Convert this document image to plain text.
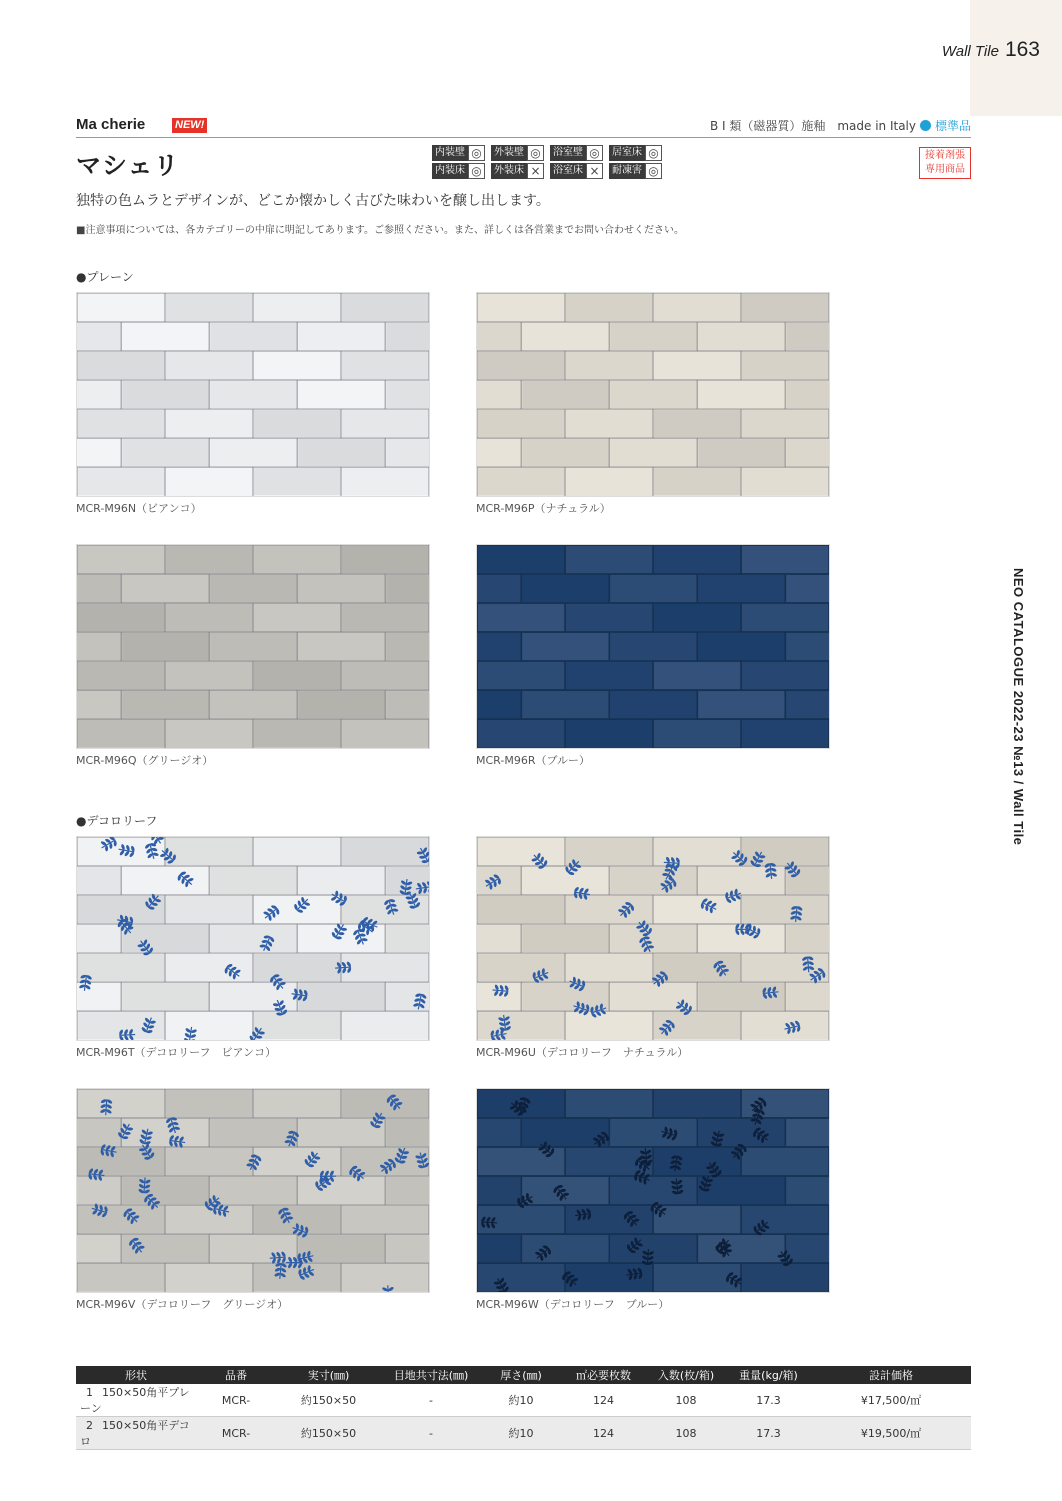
Wall Tile 163
NEO CATALOGUE 2022-23 №13 / Wall Tile
Ma cherie	NEW!	B I 類（磁器質）施釉　made in Italy 標準品
マシェリ	内装壁 ◎	外装壁 ◎	浴室壁 ◎	居室床 ◎
内装床 ◎	外装床 ×	浴室床 ×	耐凍害 ◎
接着剤張
専用商品
独特の色ムラとデザインが、どこか懐かしく古びた味わいを醸し出します。
■注意事項については、各カテゴリーの中扉に明記してあります。ご参照ください。また、詳しくは各営業までお問い合わせください。
●プレーン
●デコロリーフ
MCR-M96N（ビアンコ）	MCR-M96P（ナチュラル）
MCR-M96Q（グリージオ）	MCR-M96R（ブルー）
MCR-M96T（デコロリーフ　ビアンコ）	MCR-M96U（デコロリーフ　ナチュラル）
MCR-M96V（デコロリーフ　グリージオ）	MCR-M96W（デコロリーフ　ブルー）
形状	品番	実寸(㎜)	目地共寸法(㎜)	厚さ(㎜)	㎡必要枚数	入数(枚/箱)	重量(kg/箱)	設計価格
1 150×50角平プレーン	MCR-	約150×50	-	約10	124	108	17.3	¥17,500/㎡
2 150×50角平デコロ	MCR-	約150×50	-	約10	124	108	17.3	¥19,500/㎡
